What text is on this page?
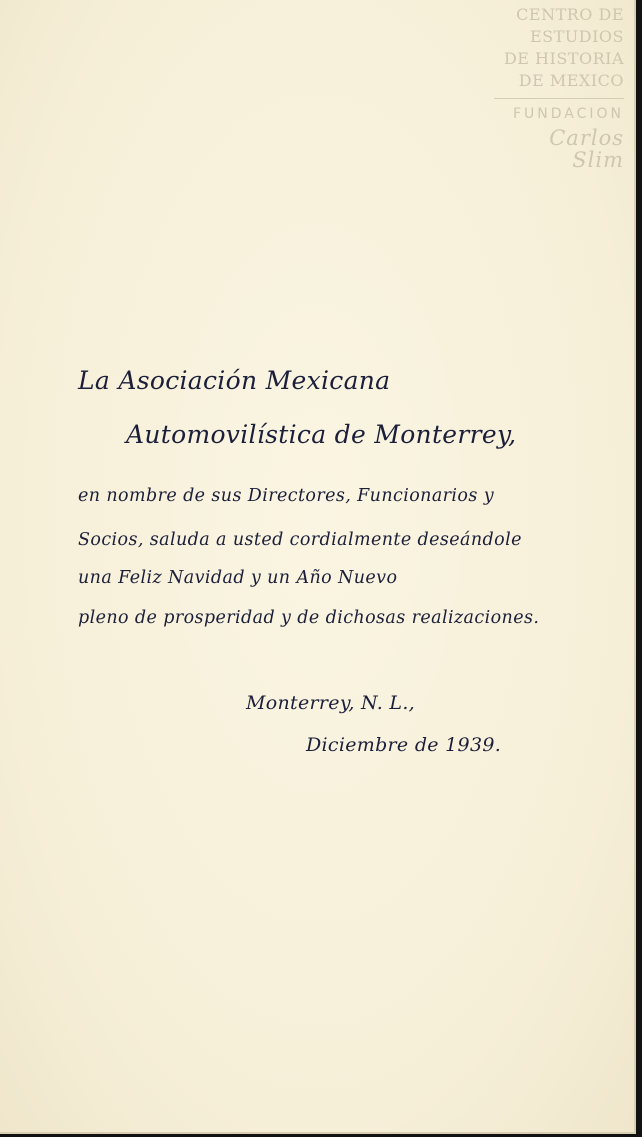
CENTRO DE
ESTUDIOS
DE HISTORIA
DE MEXICO
FUNDACION
Carlos Slim
La Asociación Mexicana
Automovilística de Monterrey,
en nombre de sus Directores, Funcionarios y
Socios, saluda a usted cordialmente deseándole
una Feliz Navidad y un Año Nuevo
pleno de prosperidad y de dichosas realizaciones.
Monterrey, N. L.,
Diciembre de 1939.
